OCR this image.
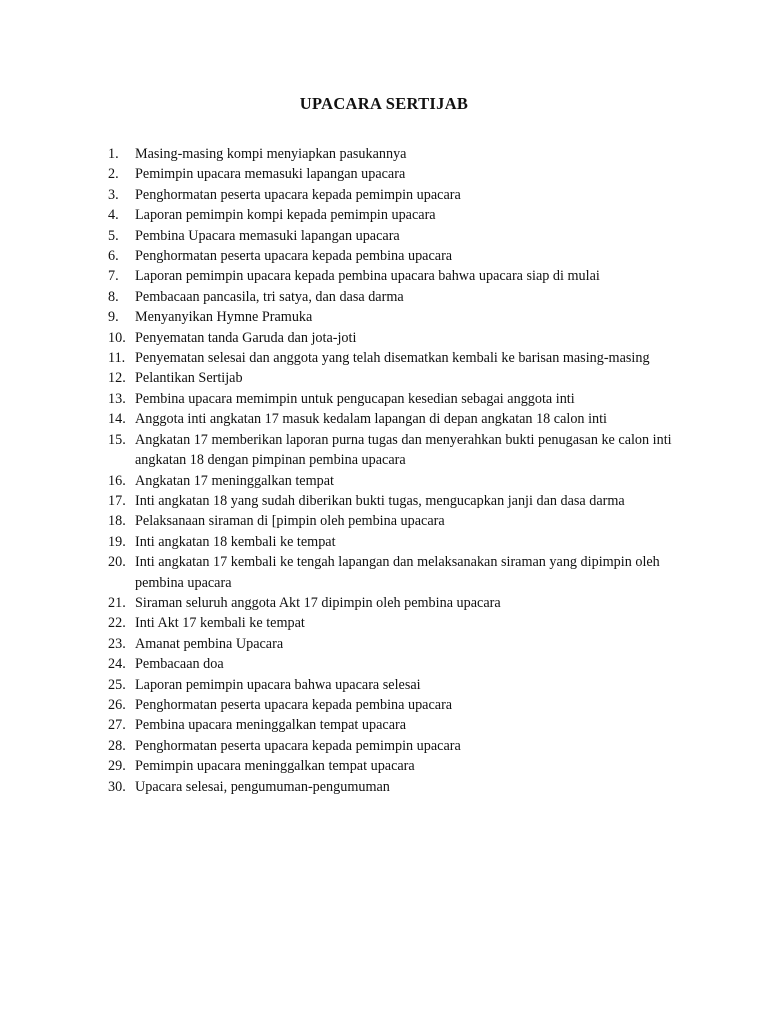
UPACARA SERTIJAB
1.	Masing-masing kompi menyiapkan pasukannya
2.	Pemimpin upacara memasuki lapangan upacara
3.	Penghormatan peserta upacara kepada pemimpin upacara
4.	Laporan pemimpin kompi kepada pemimpin upacara
5.	Pembina Upacara memasuki lapangan upacara
6.	Penghormatan peserta upacara kepada pembina upacara
7.	Laporan pemimpin upacara kepada pembina upacara bahwa upacara siap di mulai
8.	Pembacaan pancasila, tri satya, dan dasa darma
9.	Menyanyikan Hymne Pramuka
10. Penyematan tanda Garuda dan jota-joti
11. Penyematan selesai dan anggota yang telah disematkan kembali ke barisan masing-masing
12. Pelantikan Sertijab
13. Pembina upacara memimpin untuk pengucapan kesedian sebagai anggota inti
14. Anggota inti angkatan 17 masuk kedalam lapangan di depan angkatan 18 calon inti
15. Angkatan 17 memberikan laporan purna tugas dan menyerahkan bukti penugasan ke calon inti angkatan 18 dengan pimpinan pembina upacara
16. Angkatan 17 meninggalkan tempat
17. Inti angkatan 18 yang sudah diberikan bukti tugas, mengucapkan janji dan dasa darma
18. Pelaksanaan siraman di [pimpin oleh pembina upacara
19. Inti angkatan 18 kembali ke tempat
20. Inti angkatan 17 kembali ke tengah lapangan dan melaksanakan siraman yang dipimpin oleh pembina upacara
21. Siraman seluruh anggota Akt 17 dipimpin oleh pembina upacara
22. Inti Akt 17 kembali ke tempat
23. Amanat pembina Upacara
24. Pembacaan doa
25. Laporan pemimpin upacara bahwa upacara selesai
26. Penghormatan peserta upacara kepada pembina upacara
27. Pembina upacara meninggalkan tempat upacara
28. Penghormatan peserta upacara kepada pemimpin upacara
29. Pemimpin upacara meninggalkan tempat upacara
30. Upacara selesai, pengumuman-pengumuman
